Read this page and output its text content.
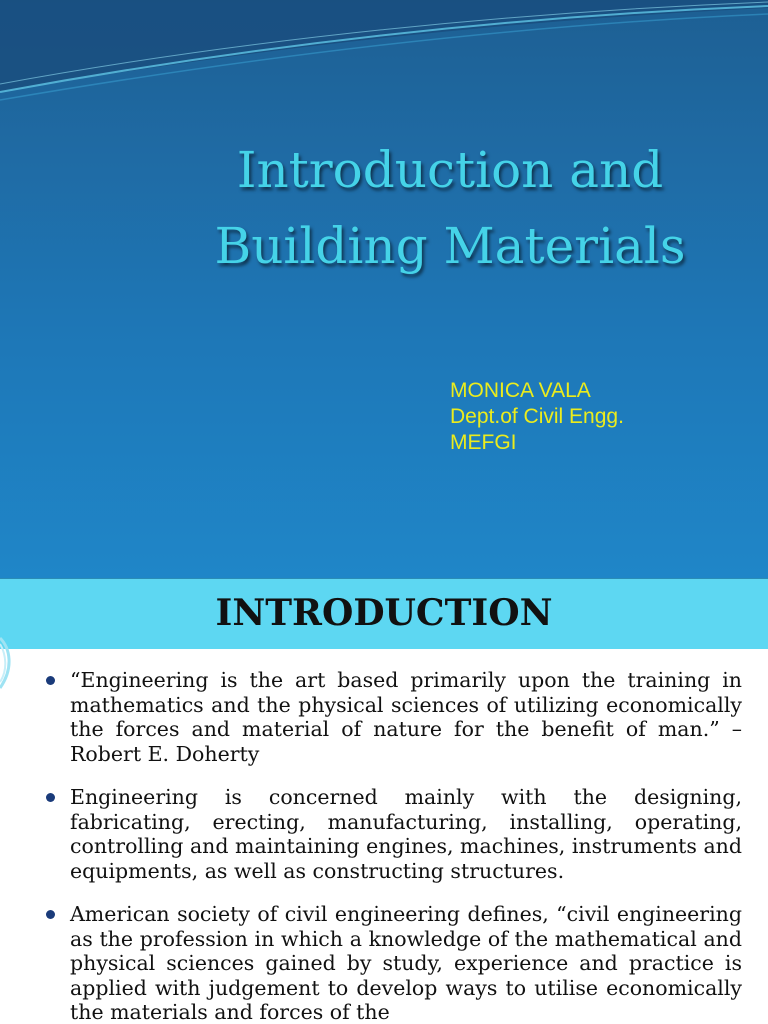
Introduction and
Building Materials
MONICA VALA
Dept.of Civil Engg.
MEFGI
INTRODUCTION
“Engineering is the art based primarily upon the training in mathematics and the physical sciences of utilizing economically the forces and material of nature for the benefit of man.” – Robert E. Doherty
Engineering is concerned mainly with the designing, fabricating, erecting, manufacturing, installing, operating, controlling and maintaining engines, machines, instruments and equipments, as well as constructing structures.
American society of civil engineering defines, “civil engineering as the profession in which a knowledge of the mathematical and physical sciences gained by study, experience and practice is applied with judgement to develop ways to utilise economically the materials and forces of the
